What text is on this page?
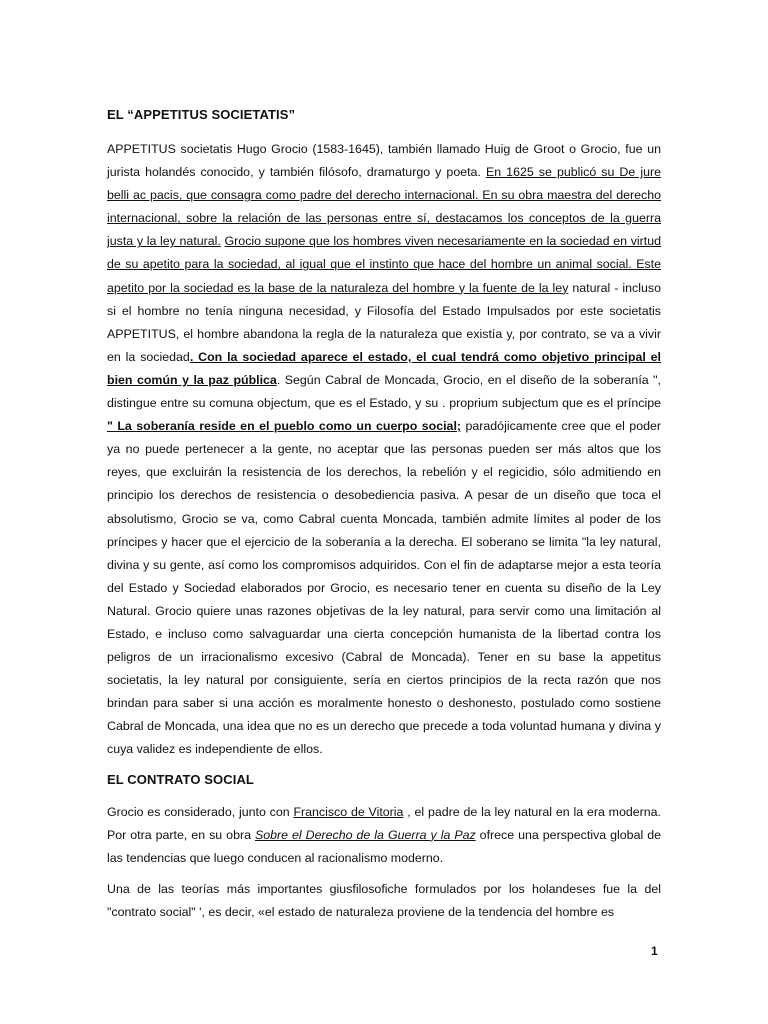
EL “APPETITUS SOCIETATIS”

APPETITUS societatis Hugo Grocio (1583-1645), también llamado Huig de Groot o Grocio, fue un jurista holandés conocido, y también filósofo, dramaturgo y poeta. En 1625 se publicó su De jure belli ac pacis, que consagra como padre del derecho internacional. En su obra maestra del derecho internacional, sobre la relación de las personas entre sí, destacamos los conceptos de la guerra justa y la ley natural. Grocio supone que los hombres viven necesariamente en la sociedad en virtud de su apetito para la sociedad, al igual que el instinto que hace del hombre un animal social. Este apetito por la sociedad es la base de la naturaleza del hombre y la fuente de la ley natural - incluso si el hombre no tenía ninguna necesidad, y Filosofía del Estado Impulsados por este societatis APPETITUS, el hombre abandona la regla de la naturaleza que existía y, por contrato, se va a vivir en la sociedad. Con la sociedad aparece el estado, el cual tendrá como objetivo principal el bien común y la paz pública. Según Cabral de Moncada, Grocio, en el diseño de la soberanía ", distingue entre su comuna objectum, que es el Estado, y su . proprium subjectum que es el príncipe " La soberanía reside en el pueblo como un cuerpo social; paradójicamente cree que el poder ya no puede pertenecer a la gente, no aceptar que las personas pueden ser más altos que los reyes, que excluirán la resistencia de los derechos, la rebelión y el regicidio, sólo admitiendo en principio los derechos de resistencia o desobediencia pasiva. A pesar de un diseño que toca el absolutismo, Grocio se va, como Cabral cuenta Moncada, también admite límites al poder de los príncipes y hacer que el ejercicio de la soberanía a la derecha. El soberano se limita "la ley natural, divina y su gente, así como los compromisos adquiridos. Con el fin de adaptarse mejor a esta teoría del Estado y Sociedad elaborados por Grocio, es necesario tener en cuenta su diseño de la Ley Natural. Grocio quiere unas razones objetivas de la ley natural, para servir como una limitación al Estado, e incluso como salvaguardar una cierta concepción humanista de la libertad contra los peligros de un irracionalismo excesivo (Cabral de Moncada). Tener en su base la appetitus societatis, la ley natural por consiguiente, sería en ciertos principios de la recta razón que nos brindan para saber si una acción es moralmente honesto o deshonesto, postulado como sostiene Cabral de Moncada, una idea que no es un derecho que precede a toda voluntad humana y divina y cuya validez es independiente de ellos.

EL CONTRATO SOCIAL

Grocio es considerado, junto con Francisco de Vitoria , el padre de la ley natural en la era moderna. Por otra parte, en su obra Sobre el Derecho de la Guerra y la Paz ofrece una perspectiva global de las tendencias que luego conducen al racionalismo moderno.

Una de las teorías más importantes giusfilosofiche formulados por los holandeses fue la del "contrato social" ', es decir, «el estado de naturaleza proviene de la tendencia del hombre es

1
